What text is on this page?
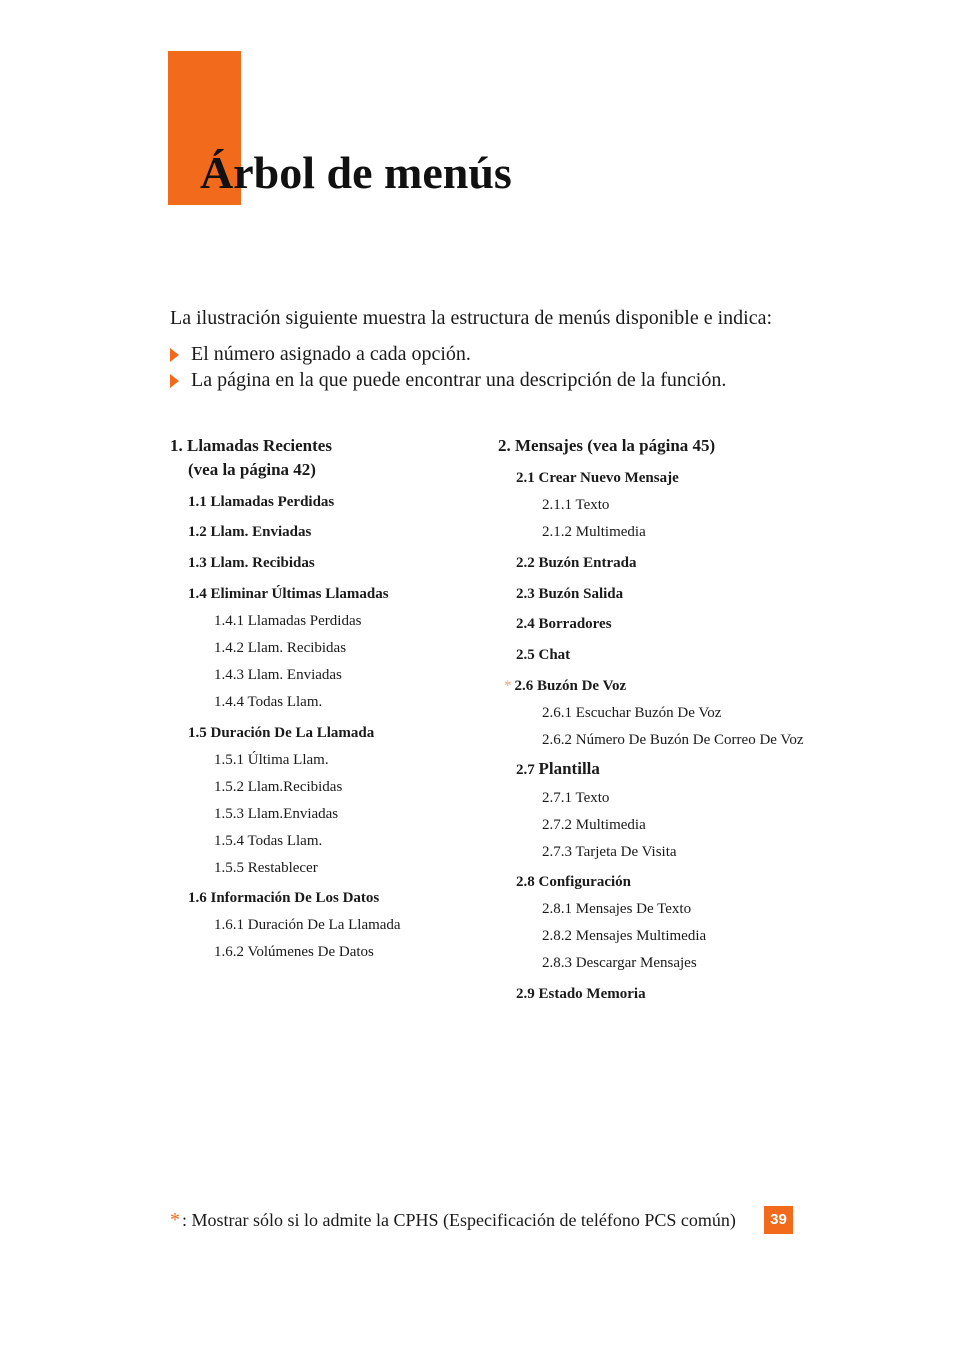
Árbol de menús
La ilustración siguiente muestra la estructura de menús disponible e indica:
El número asignado a cada opción.
La página en la que puede encontrar una descripción de la función.
1. Llamadas Recientes
(vea la página 42)
1.1 Llamadas Perdidas
1.2 Llam. Enviadas
1.3 Llam. Recibidas
1.4 Eliminar Últimas Llamadas
1.4.1 Llamadas Perdidas
1.4.2 Llam. Recibidas
1.4.3 Llam. Enviadas
1.4.4 Todas Llam.
1.5 Duración De La Llamada
1.5.1 Última Llam.
1.5.2 Llam.Recibidas
1.5.3 Llam.Enviadas
1.5.4 Todas Llam.
1.5.5 Restablecer
1.6 Información De Los Datos
1.6.1 Duración De La Llamada
1.6.2 Volúmenes De Datos
2. Mensajes (vea la página 45)
2.1 Crear Nuevo Mensaje
2.1.1 Texto
2.1.2 Multimedia
2.2 Buzón Entrada
2.3 Buzón Salida
2.4 Borradores
2.5 Chat
* 2.6 Buzón De Voz
2.6.1 Escuchar Buzón De Voz
2.6.2 Número De Buzón De Correo De Voz
2.7 Plantilla
2.7.1 Texto
2.7.2 Multimedia
2.7.3 Tarjeta De Visita
2.8 Configuración
2.8.1 Mensajes De Texto
2.8.2 Mensajes Multimedia
2.8.3 Descargar Mensajes
2.9 Estado Memoria
* : Mostrar sólo si lo admite la CPHS (Especificación de teléfono PCS común)	39
